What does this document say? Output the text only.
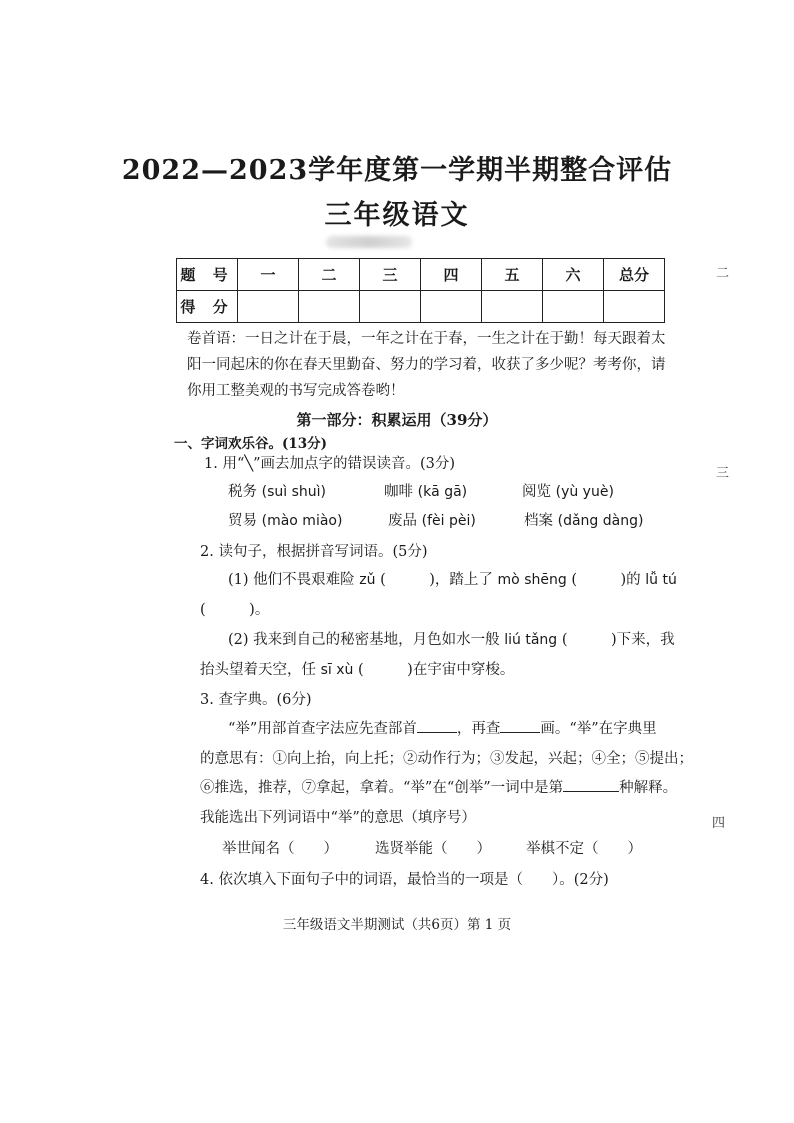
2022—2023学年度第一学期半期整合评估
三年级语文
题 号	一	二	三	四	五	六	总分
得 分							
卷首语：一日之计在于晨，一年之计在于春，一生之计在于勤！每天跟着太阳一同起床的你在春天里勤奋、努力的学习着，收获了多少呢？考考你，请你用工整美观的书写完成答卷哟！
第一部分：积累运用（39分）
一、字词欢乐谷。(13分)
1. 用“╲”画去加点字的错误读音。(3分)
税务 (suì shuì)	咖啡 (kā gā)	阅览 (yù yuè)
贸易 (mào miào)	废品 (fèi pèi)	档案 (dǎng dàng)
2. 读句子，根据拼音写词语。(5分)
(1) 他们不畏艰难险 zǔ (　　　)，踏上了 mò shēng (　　　)的 lǚ tú
(　　　)。
(2) 我来到自己的秘密基地，月色如水一般 liú tǎng (　　　)下来，我
抬头望着天空，任 sī xù (　　　)在宇宙中穿梭。
3. 查字典。(6分)
“举”用部首查字法应先查部首	，再查	画。“举”在字典里
的意思有：①向上抬，向上托；②动作行为；③发起，兴起；④全；⑤提出；
⑥推选，推荐，⑦拿起，拿着。“举”在“创举”一词中是第	种解释。
我能选出下列词语中“举”的意思（填序号）
举世闻名（　　）	选贤举能（　　） 举棋不定（　　）
4. 依次填入下面句子中的词语，最恰当的一项是（　　）。(2分)
三年级语文半期测试（共6页）第 1 页
二
三
四
